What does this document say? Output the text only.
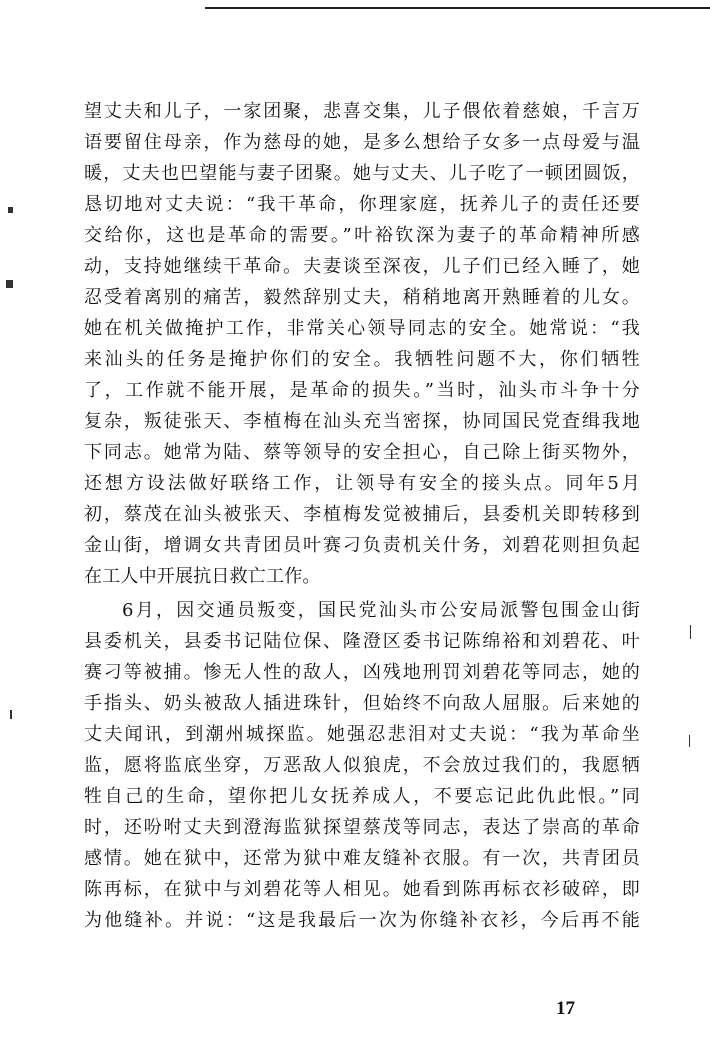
望丈夫和儿子，一家团聚，悲喜交集，儿子偎依着慈娘，千言万
语要留住母亲，作为慈母的她，是多么想给子女多一点母爱与温
暖，丈夫也巴望能与妻子团聚。她与丈夫、儿子吃了一顿团圆饭，
恳切地对丈夫说：“我干革命，你理家庭，抚养儿子的责任还要
交给你，这也是革命的需要。”叶裕钦深为妻子的革命精神所感
动，支持她继续干革命。夫妻谈至深夜，儿子们已经入睡了，她
忍受着离别的痛苦，毅然辞别丈夫，稍稍地离开熟睡着的儿女。
她在机关做掩护工作，非常关心领导同志的安全。她常说：“我
来汕头的任务是掩护你们的安全。我牺牲问题不大，你们牺牲
了，工作就不能开展，是革命的损失。”当时，汕头市斗争十分
复杂，叛徒张天、李植梅在汕头充当密探，协同国民党査缉我地
下同志。她常为陆、蔡等领导的安全担心，自己除上街买物外，
还想方设法做好联络工作，让领导有安全的接头点。同年5月
初，蔡茂在汕头被张天、李植梅发觉被捕后，县委机关即转移到
金山街，增调女共青团员叶赛刁负责机关什务，刘碧花则担负起
在工人中开展抗日救亡工作。
6月，因交通员叛变，国民党汕头市公安局派警包围金山街
县委机关，县委书记陆位保、隆澄区委书记陈绵裕和刘碧花、叶
赛刁等被捕。惨无人性的敌人，凶残地刑罚刘碧花等同志，她的
手指头、奶头被敌人插进珠针，但始终不向敌人屈服。后来她的
丈夫闻讯，到潮州城探监。她强忍悲泪对丈夫说：“我为革命坐
监，愿将监底坐穿，万恶敌人似狼虎，不会放过我们的，我愿牺
牲自己的生命，望你把儿女抚养成人，不要忘记此仇此恨。”同
时，还吩咐丈夫到澄海监狱探望蔡茂等同志，表达了崇高的革命
感情。她在狱中，还常为狱中难友缝补衣服。有一次，共青团员
陈再标，在狱中与刘碧花等人相见。她看到陈再标衣衫破碎，即
为他缝补。并说：“这是我最后一次为你缝补衣衫，今后再不能
17
